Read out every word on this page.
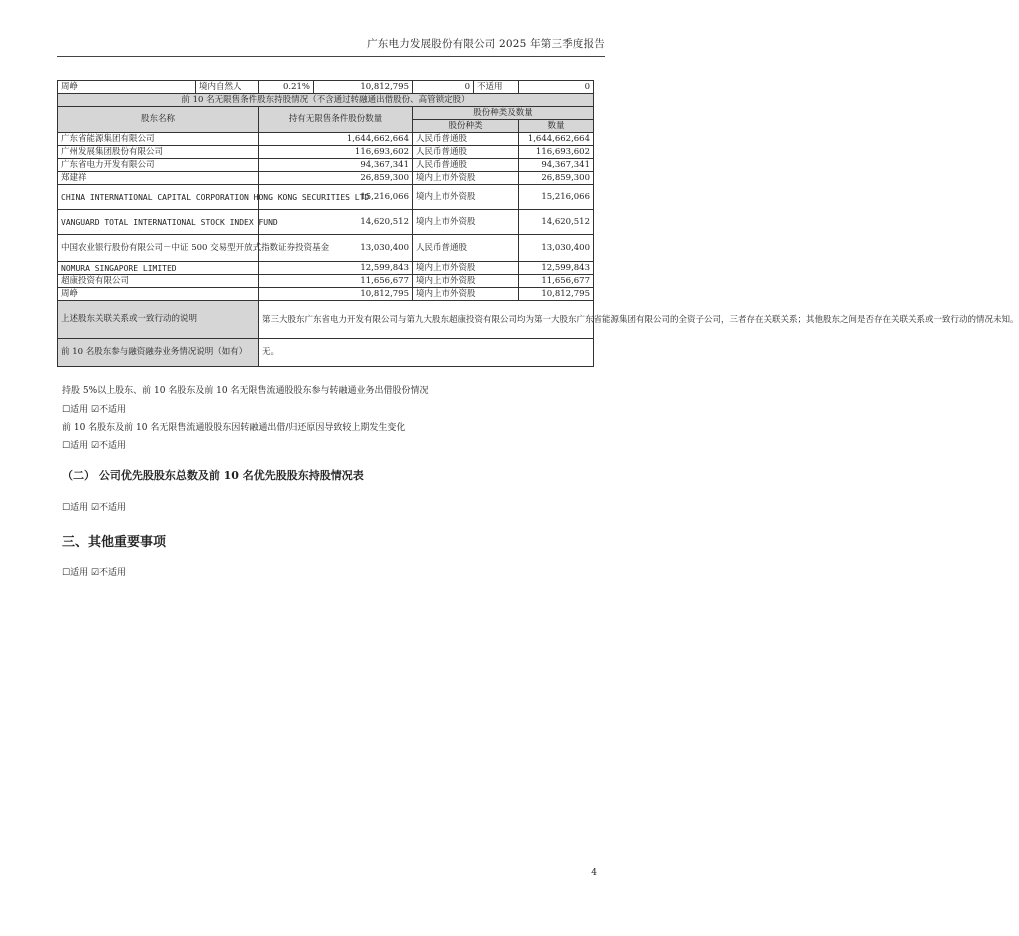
广东电力发展股份有限公司 2025 年第三季度报告
周峥	境内自然人	0.21%	10,812,795	0	不适用	0
前 10 名无限售条件股东持股情况（不含通过转融通出借股份、高管锁定股）						
股东名称		持有无限售条件股份数量		股份种类及数量		
				股份种类		数量
广东省能源集团有限公司		1,644,662,664		人民币普通股		1,644,662,664
广州发展集团股份有限公司		116,693,602		人民币普通股		116,693,602
广东省电力开发有限公司		94,367,341		人民币普通股		94,367,341
郑建祥		26,859,300		境内上市外资股		26,859,300
CHINA INTERNATIONAL CAPITAL CORPORATION HONG KONG SECURITIES LTD		15,216,066		境内上市外资股		15,216,066
VANGUARD TOTAL INTERNATIONAL STOCK INDEX FUND		14,620,512		境内上市外资股		14,620,512
中国农业银行股份有限公司－中证 500 交易型开放式指数证券投资基金		13,030,400		人民币普通股		13,030,400
NOMURA SINGAPORE LIMITED		12,599,843		境内上市外资股		12,599,843
超康投资有限公司		11,656,677		境内上市外资股		11,656,677
周峥		10,812,795		境内上市外资股		10,812,795
上述股东关联关系或一致行动的说明		第三大股东广东省电力开发有限公司与第九大股东超康投资有限公司均为第一大股东广东省能源集团有限公司的全资子公司，三者存在关联关系；其他股东之间是否存在关联关系或一致行动的情况未知。				
前 10 名股东参与融资融券业务情况说明（如有）		无。				
持股 5%以上股东、前 10 名股东及前 10 名无限售流通股股东参与转融通业务出借股份情况
☐适用 ☑不适用
前 10 名股东及前 10 名无限售流通股股东因转融通出借/归还原因导致较上期发生变化
☐适用 ☑不适用
（二） 公司优先股股东总数及前 10 名优先股股东持股情况表
☐适用 ☑不适用
三、其他重要事项
☐适用 ☑不适用
4
